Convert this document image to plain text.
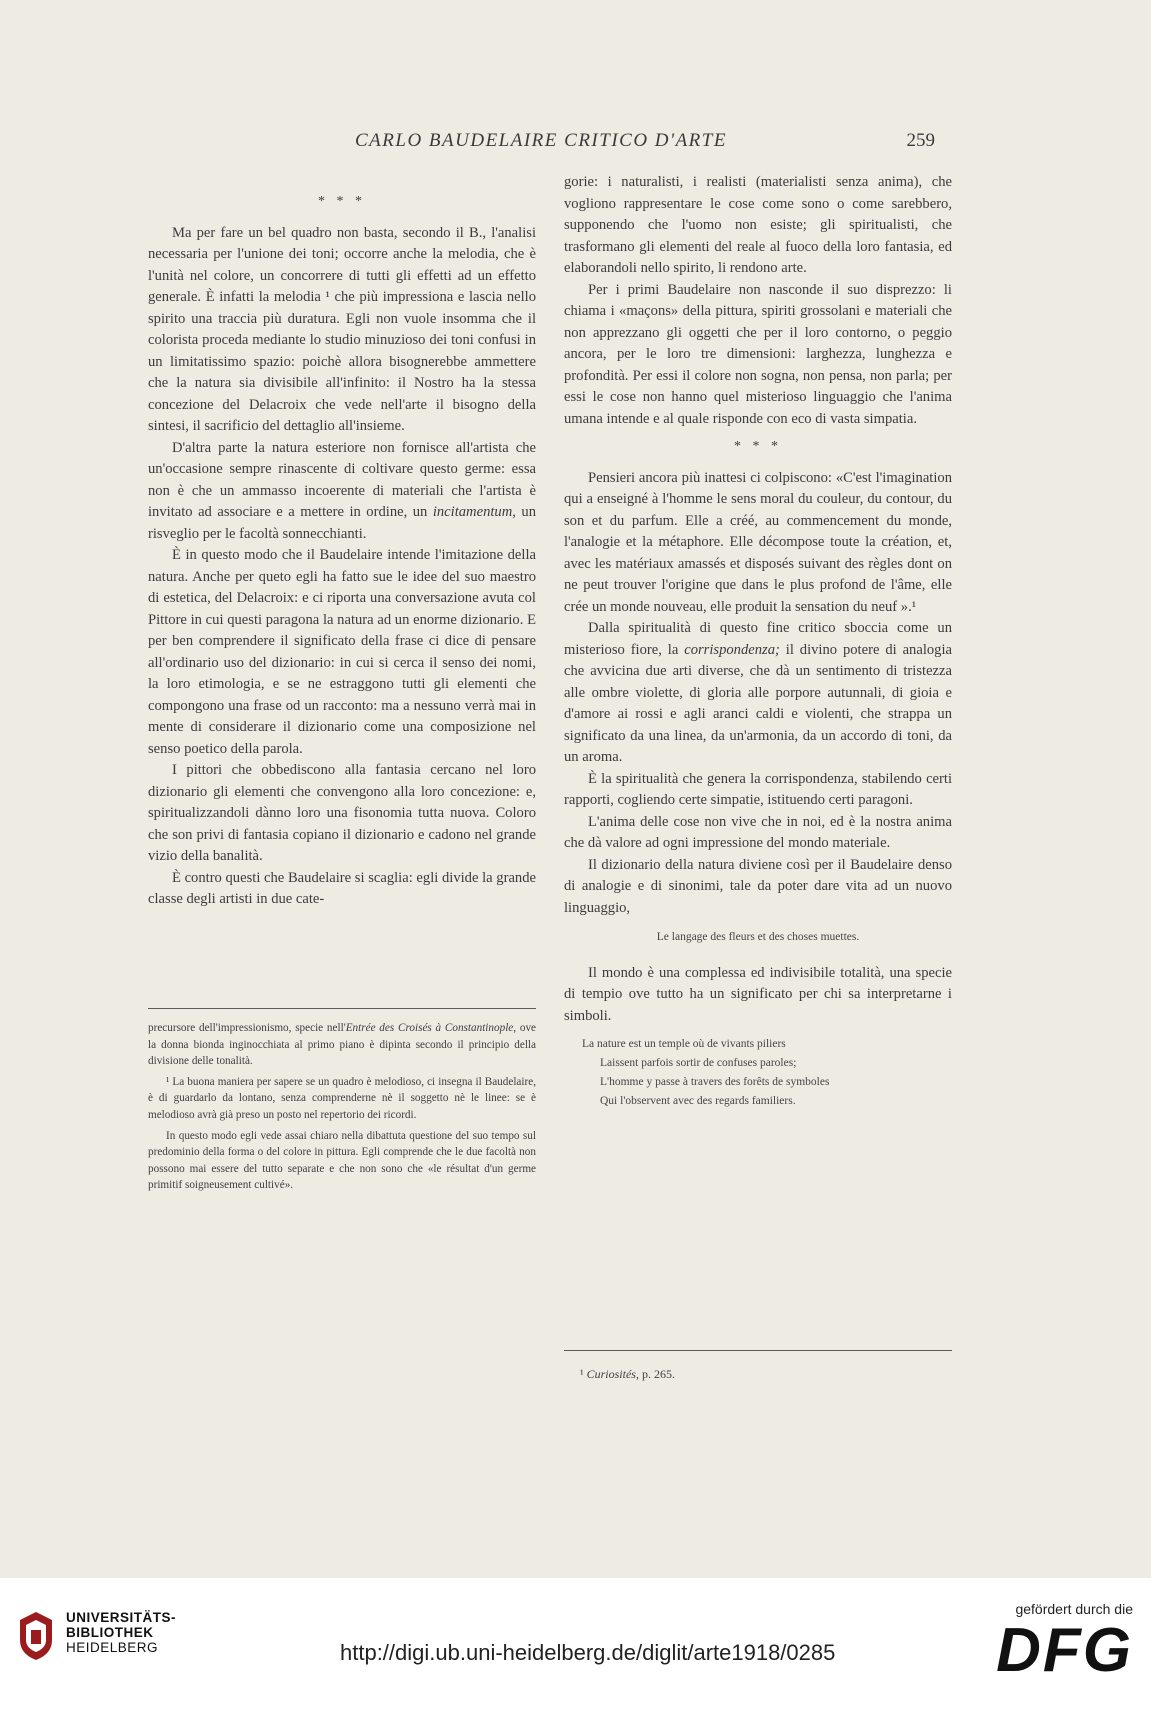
CARLO BAUDELAIRE CRITICO D'ARTE	259
* * *

Ma per fare un bel quadro non basta, secondo il B., l'analisi necessaria per l'unione dei toni; occorre anche la melodia, che è l'unità nel colore, un concorrere di tutti gli effetti ad un effetto generale. È infatti la melodia ¹ che più impressiona e lascia nello spirito una traccia più duratura. Egli non vuole insomma che il colorista proceda mediante lo studio minuzioso dei toni confusi in un limitatissimo spazio: poichè allora bisognerebbe ammettere che la natura sia divisibile all'infinito: il Nostro ha la stessa concezione del Delacroix che vede nell'arte il bisogno della sintesi, il sacrificio del dettaglio all'insieme.

D'altra parte la natura esteriore non fornisce all'artista che un'occasione sempre rinascente di coltivare questo germe: essa non è che un ammasso incoerente di materiali che l'artista è invitato ad associare e a mettere in ordine, un incitamentum, un risveglio per le facoltà sonnecchianti.

È in questo modo che il Baudelaire intende l'imitazione della natura. Anche per queto egli ha fatto sue le idee del suo maestro di estetica, del Delacroix: e ci riporta una conversazione avuta col Pittore in cui questi paragona la natura ad un enorme dizionario. E per ben comprendere il significato della frase ci dice di pensare all'ordinario uso del dizionario: in cui si cerca il senso dei nomi, la loro etimologia, e se ne estraggono tutti gli elementi che compongono una frase od un racconto: ma a nessuno verrà mai in mente di considerare il dizionario come una composizione nel senso poetico della parola.

I pittori che obbediscono alla fantasia cercano nel loro dizionario gli elementi che convengono alla loro concezione: e, spiritualizzandoli dànno loro una fisonomia tutta nuova. Coloro che son privi di fantasia copiano il dizionario e cadono nel grande vizio della banalità.

È contro questi che Baudelaire si scaglia: egli divide la grande classe degli artisti in due cate-

precursore dell'impressionismo, specie nell'Entrée des Croisés à Constantinople, ove la donna bionda inginocchiata al primo piano è dipinta secondo il principio della divisione delle tonalità.

¹ La buona maniera per sapere se un quadro è melodioso, ci insegna il Baudelaire, è di guardarlo da lontano, senza comprenderne nè il soggetto nè le linee: se è melodioso avrà già preso un posto nel repertorio dei ricordi.

In questo modo egli vede assai chiaro nella dibattuta questione del suo tempo sul predominio della forma o del colore in pittura. Egli comprende che le due facoltà non possono mai essere del tutto separate e che non sono che «le résultat d'un germe primitif soigneusement cultivé».

gorie: i naturalisti, i realisti (materialisti senza anima), che vogliono rappresentare le cose come sono o come sarebbero, supponendo che l'uomo non esiste; gli spiritualisti, che trasformano gli elementi del reale al fuoco della loro fantasia, ed elaborandoli nello spirito, li rendono arte.

Per i primi Baudelaire non nasconde il suo disprezzo: li chiama i «maçons» della pittura, spiriti grossolani e materiali che non apprezzano gli oggetti che per il loro contorno, o peggio ancora, per le loro tre dimensioni: larghezza, lunghezza e profondità. Per essi il colore non sogna, non pensa, non parla; per essi le cose non hanno quel misterioso linguaggio che l'anima umana intende e al quale risponde con eco di vasta simpatia.

* * *

Pensieri ancora più inattesi ci colpiscono: «C'est l'imagination qui a enseigné à l'homme le sens moral du couleur, du contour, du son et du parfum. Elle a créé, au commencement du monde, l'analogie et la métaphore. Elle décompose toute la création, et, avec les matériaux amassés et disposés suivant des règles dont on ne peut trouver l'origine que dans le plus profond de l'âme, elle crée un monde nouveau, elle produit la sensation du neuf ».¹

Dalla spiritualità di questo fine critico sboccia come un misterioso fiore, la corrispondenza; il divino potere di analogia che avvicina due arti diverse, che dà un sentimento di tristezza alle ombre violette, di gloria alle porpore autunnali, di gioia e d'amore ai rossi e agli aranci caldi e violenti, che strappa un significato da una linea, da un'armonia, da un accordo di toni, da un aroma.

È la spiritualità che genera la corrispondenza, stabilendo certi rapporti, cogliendo certe simpatie, istituendo certi paragoni.

L'anima delle cose non vive che in noi, ed è la nostra anima che dà valore ad ogni impressione del mondo materiale.

Il dizionario della natura diviene così per il Baudelaire denso di analogie e di sinonimi, tale da poter dare vita ad un nuovo linguaggio,

Le langage des fleurs et des choses muettes.

Il mondo è una complessa ed indivisibile totalità, una specie di tempio ove tutto ha un significato per chi sa interpretarne i simboli.

La nature est un temple où de vivants piliers
Laissent parfois sortir de confuses paroles;
L'homme y passe à travers des forêts de symboles
Qui l'observent avec des regards familiers.
¹ Curiosités, p. 265.
UNIVERSITÄTS-
BIBLIOTHEK
HEIDELBERG	http://digi.ub.uni-heidelberg.de/diglit/arte1918/0285
gefördert durch die
DFG
